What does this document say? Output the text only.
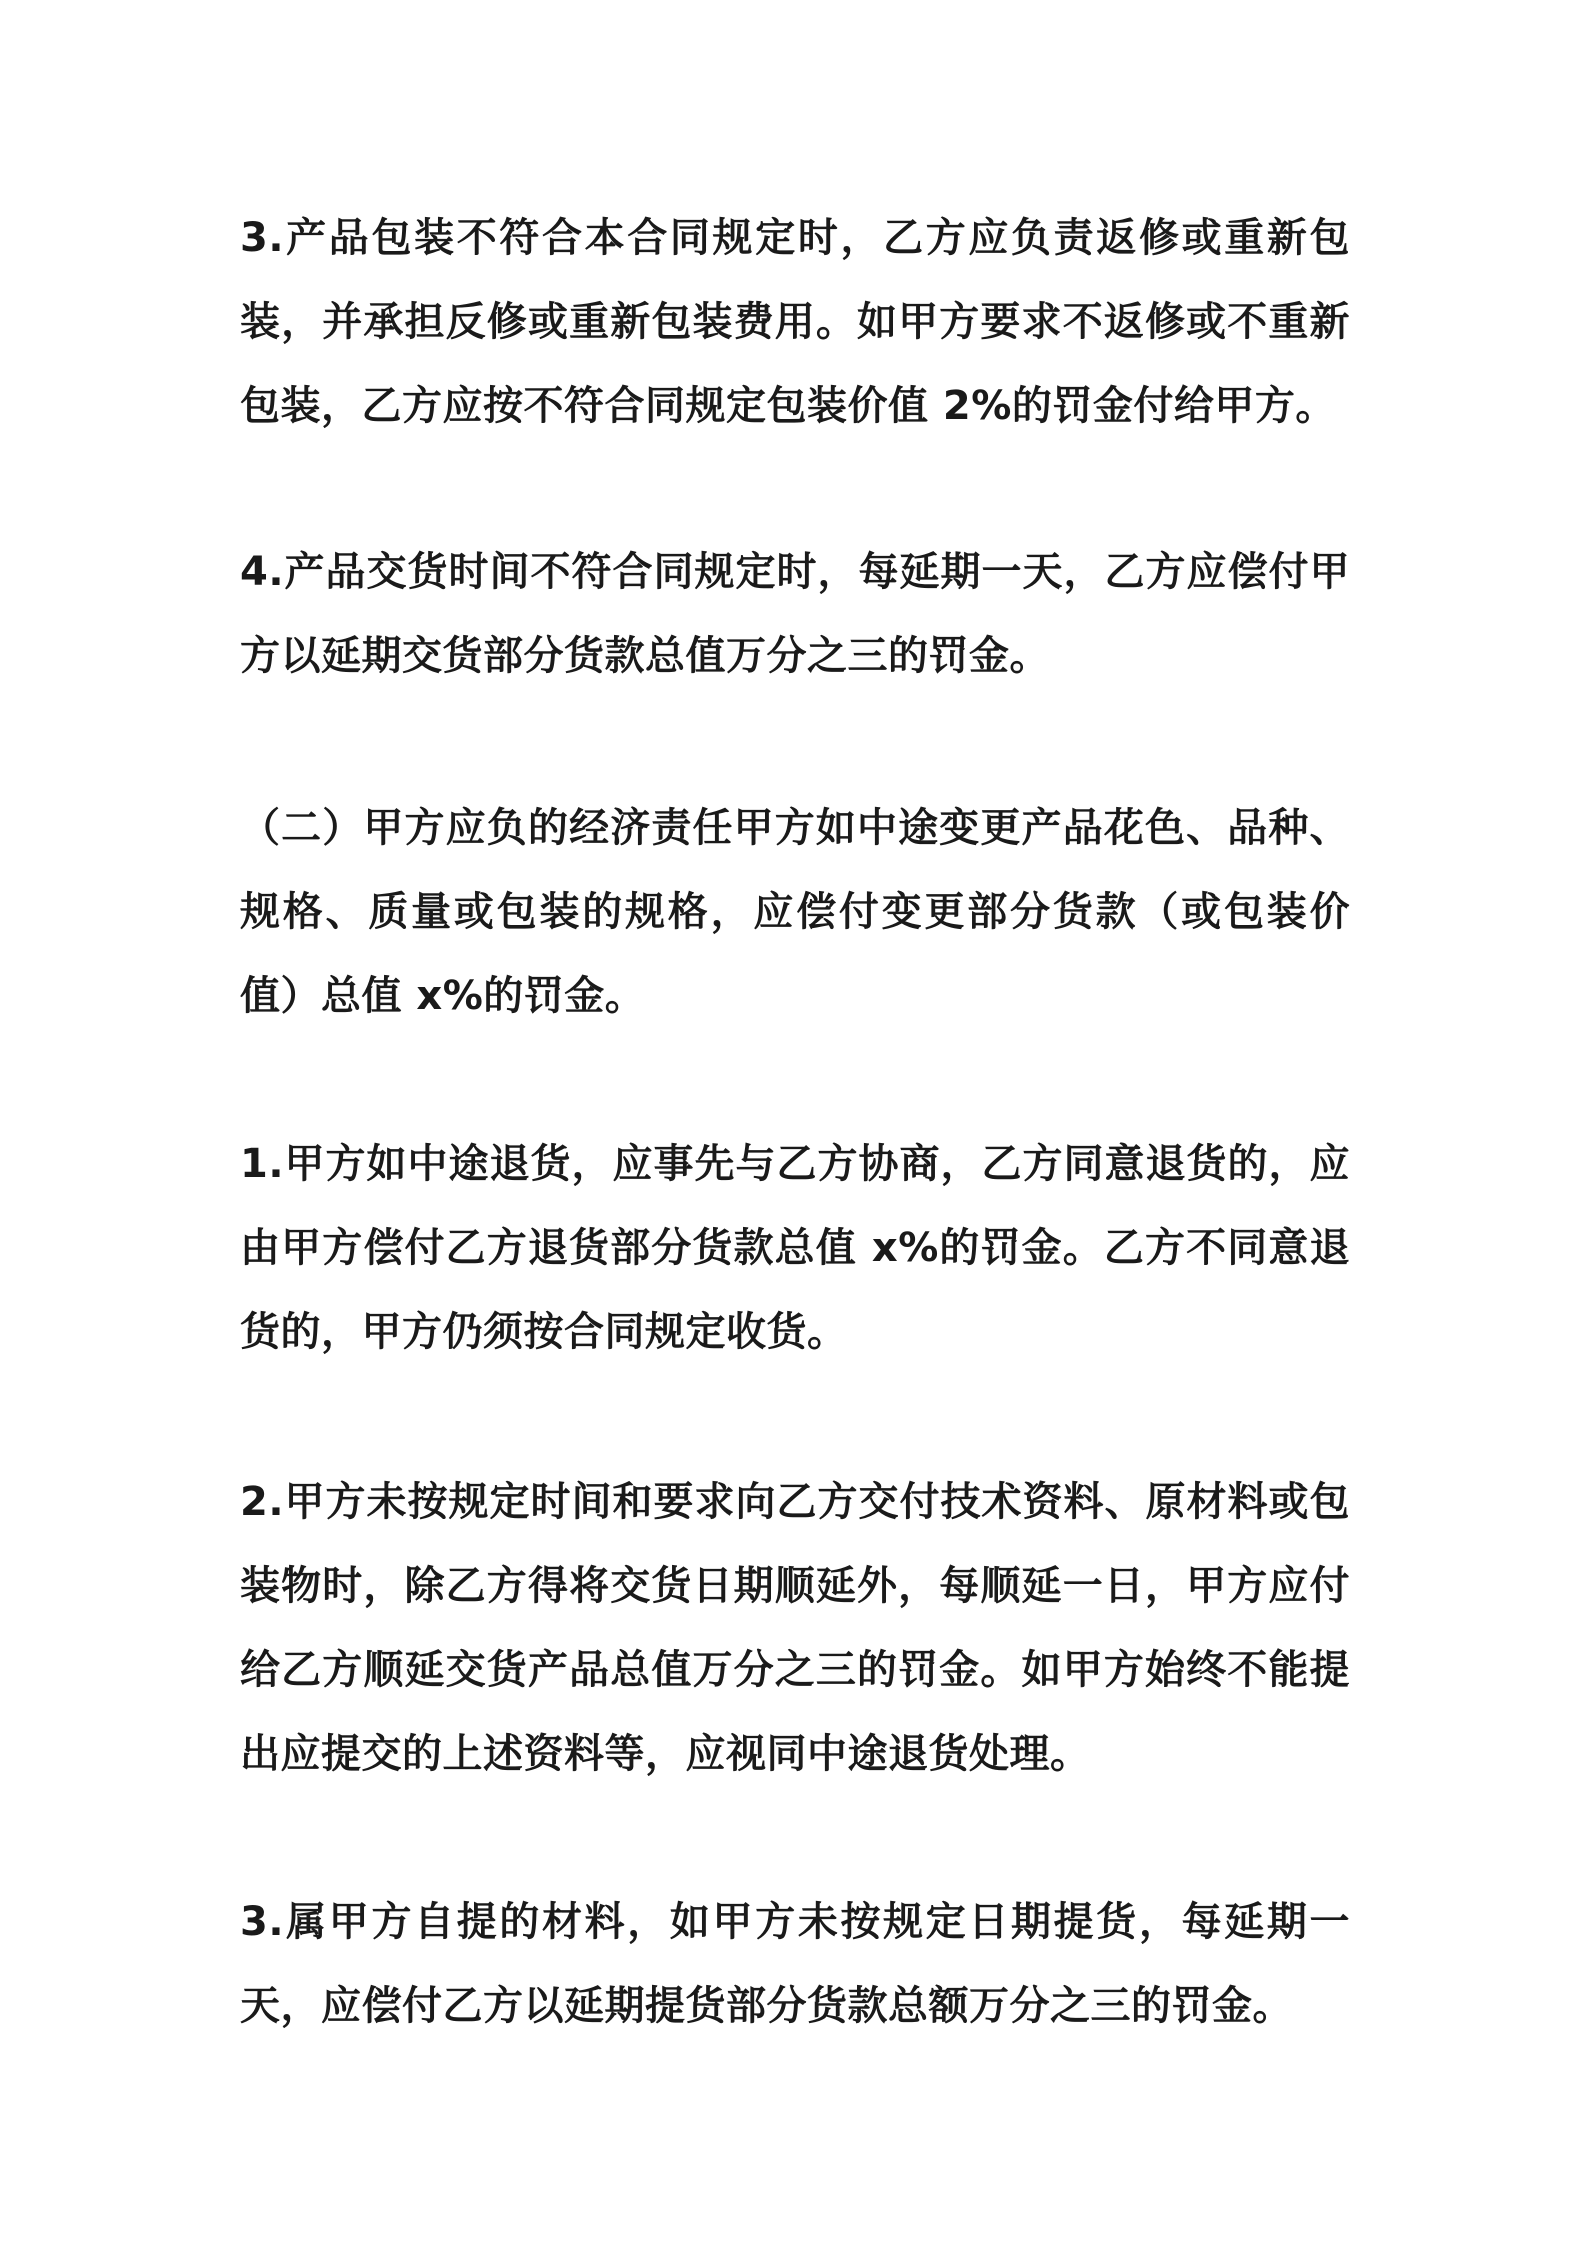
3.产品包装不符合本合同规定时，乙方应负责返修或重新包装，并承担反修或重新包装费用。如甲方要求不返修或不重新包装，乙方应按不符合同规定包装价值 2%的罚金付给甲方。

4.产品交货时间不符合同规定时，每延期一天，乙方应偿付甲方以延期交货部分货款总值万分之三的罚金。

（二）甲方应负的经济责任甲方如中途变更产品花色、品种、规格、质量或包装的规格，应偿付变更部分货款（或包装价值）总值 x%的罚金。

1.甲方如中途退货，应事先与乙方协商，乙方同意退货的，应由甲方偿付乙方退货部分货款总值 x%的罚金。乙方不同意退货的，甲方仍须按合同规定收货。

2.甲方未按规定时间和要求向乙方交付技术资料、原材料或包装物时，除乙方得将交货日期顺延外，每顺延一日，甲方应付给乙方顺延交货产品总值万分之三的罚金。如甲方始终不能提出应提交的上述资料等，应视同中途退货处理。

3.属甲方自提的材料，如甲方未按规定日期提货，每延期一天，应偿付乙方以延期提货部分货款总额万分之三的罚金。
